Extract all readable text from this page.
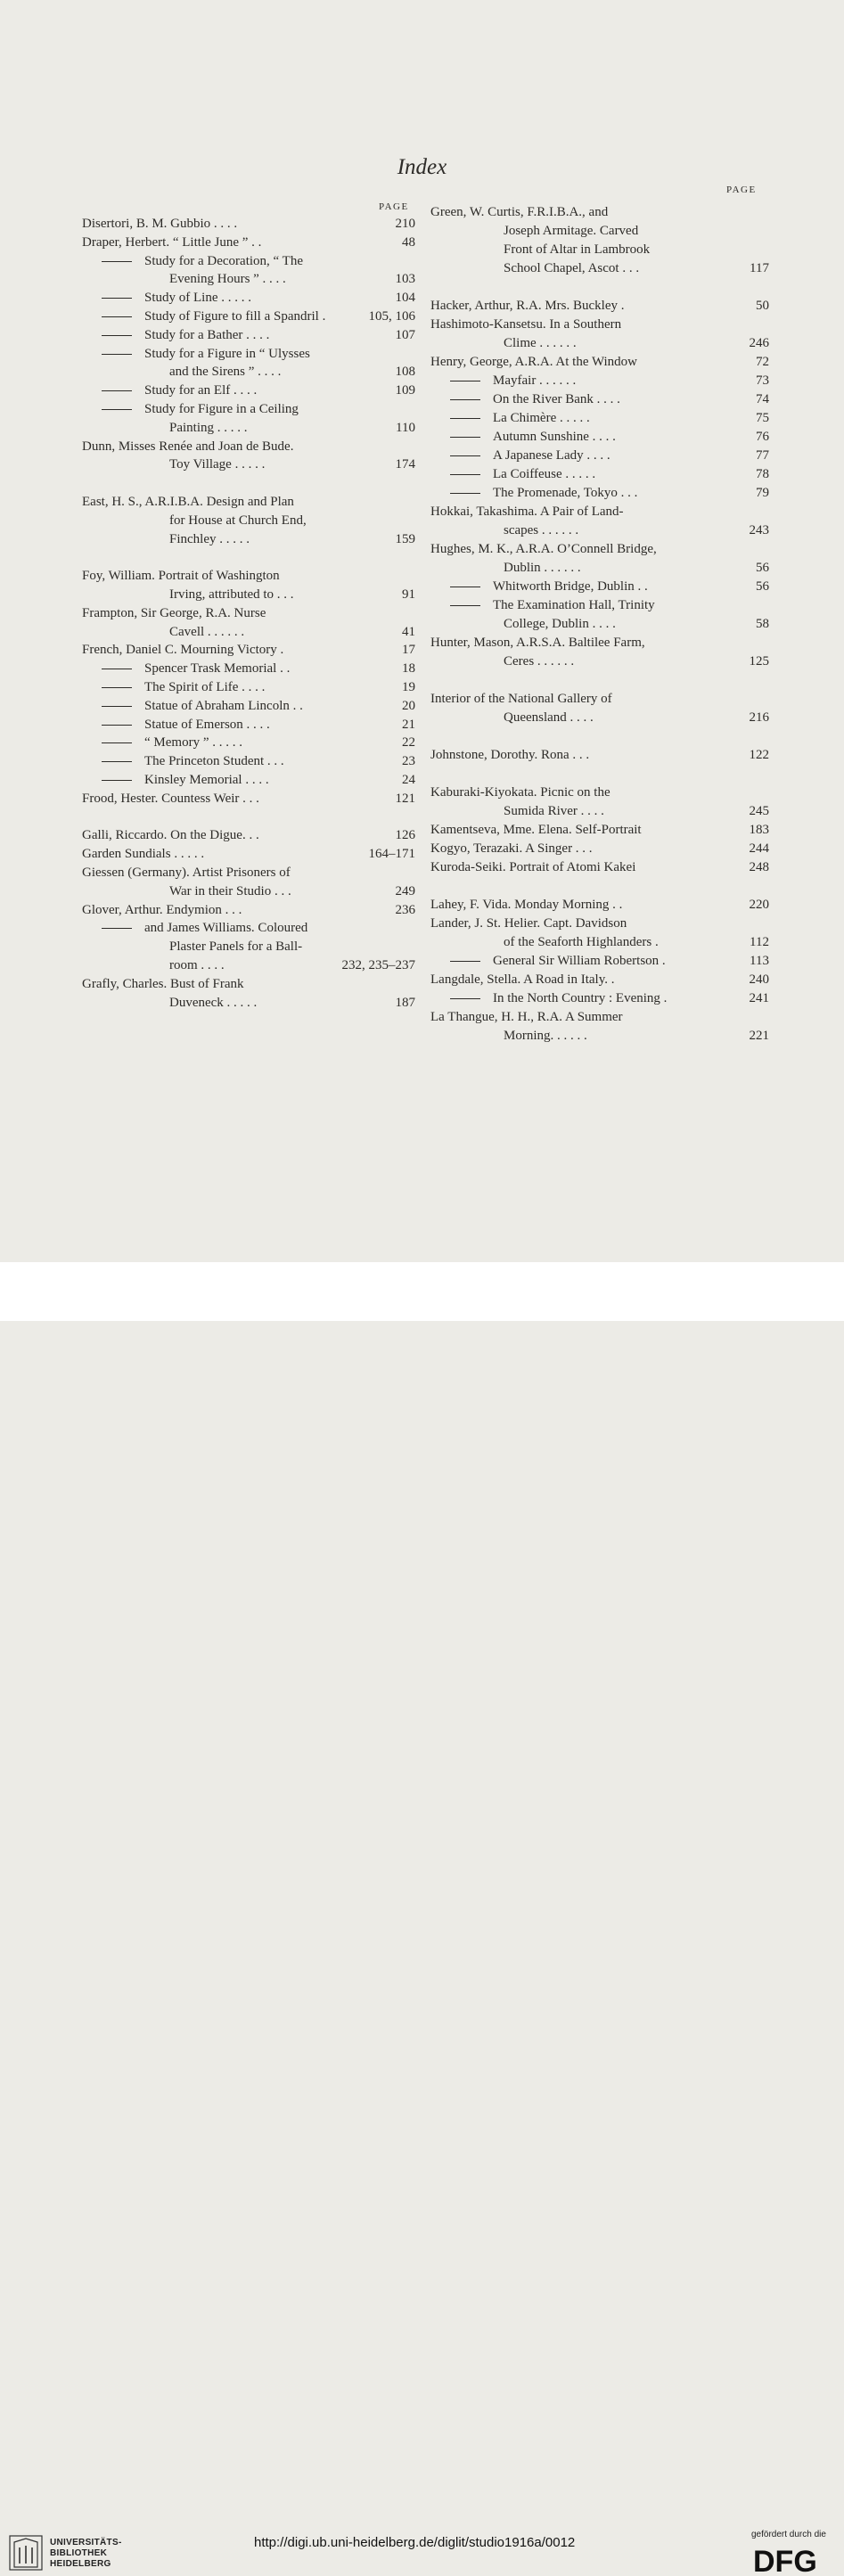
Index
PAGE
PAGE
Disertori, B. M. Gubbio . . . .	210
Draper, Herbert. “ Little June ” . .	48
Study for a Decoration, “ The
Evening Hours ” . . . .	103
Study of Line . . . . .	104
Study of Figure to fill a Spandril .	105, 106
Study for a Bather . . . .	107
Study for a Figure in “ Ulysses
and the Sirens ” . . . .	108
Study for an Elf . . . .	109
Study for Figure in a Ceiling
Painting . . . . .	110
Dunn, Misses Renée and Joan de Bude.
Toy Village . . . . .	174
East, H. S., A.R.I.B.A. Design and Plan
for House at Church End,
Finchley . . . . .	159
Foy, William. Portrait of Washington
Irving, attributed to . . .	91
Frampton, Sir George, R.A. Nurse
Cavell . . . . . .	41
French, Daniel C. Mourning Victory .	17
Spencer Trask Memorial . .	18
The Spirit of Life . . . .	19
Statue of Abraham Lincoln . .	20
Statue of Emerson . . . .	21
“ Memory ” . . . . .	22
The Princeton Student . . .	23
Kinsley Memorial . . . .	24
Frood, Hester. Countess Weir . . .	121
Galli, Riccardo. On the Digue. . .	126
Garden Sundials . . . . .	164–171
Giessen (Germany). Artist Prisoners of
War in their Studio . . .	249
Glover, Arthur. Endymion . . .	236
and James Williams. Coloured
Plaster Panels for a Ball-
room . . . .	232, 235–237
Grafly, Charles. Bust of Frank
Duveneck . . . . .	187
Green, W. Curtis, F.R.I.B.A., and
Joseph Armitage. Carved
Front of Altar in Lambrook
School Chapel, Ascot . . .	117
Hacker, Arthur, R.A. Mrs. Buckley .	50
Hashimoto-Kansetsu. In a Southern
Clime . . . . . .	246
Henry, George, A.R.A. At the Window	72
Mayfair . . . . . .	73
On the River Bank . . . .	74
La Chimère . . . . .	75
Autumn Sunshine . . . .	76
A Japanese Lady . . . .	77
La Coiffeuse . . . . .	78
The Promenade, Tokyo . . .	79
Hokkai, Takashima. A Pair of Land-
scapes . . . . . .	243
Hughes, M. K., A.R.A. O’Connell Bridge,
Dublin . . . . . .	56
Whitworth Bridge, Dublin . .	56
The Examination Hall, Trinity
College, Dublin . . . .	58
Hunter, Mason, A.R.S.A. Baltilee Farm,
Ceres . . . . . .	125
Interior of the National Gallery of
Queensland . . . .	216
Johnstone, Dorothy. Rona . . .	122
Kaburaki-Kiyokata. Picnic on the
Sumida River . . . .	245
Kamentseva, Mme. Elena. Self-Portrait	183
Kogyo, Terazaki. A Singer . . .	244
Kuroda-Seiki. Portrait of Atomi Kakei	248
Lahey, F. Vida. Monday Morning . .	220
Lander, J. St. Helier. Capt. Davidson
of the Seaforth Highlanders .	112
General Sir William Robertson .	113
Langdale, Stella. A Road in Italy. .	240
In the North Country : Evening .	241
La Thangue, H. H., R.A. A Summer
Morning. . . . . .	221
UNIVERSITÄTS-
BIBLIOTHEK
HEIDELBERG
http://digi.ub.uni-heidelberg.de/diglit/studio1916a/0012
gefördert durch die
DFG
